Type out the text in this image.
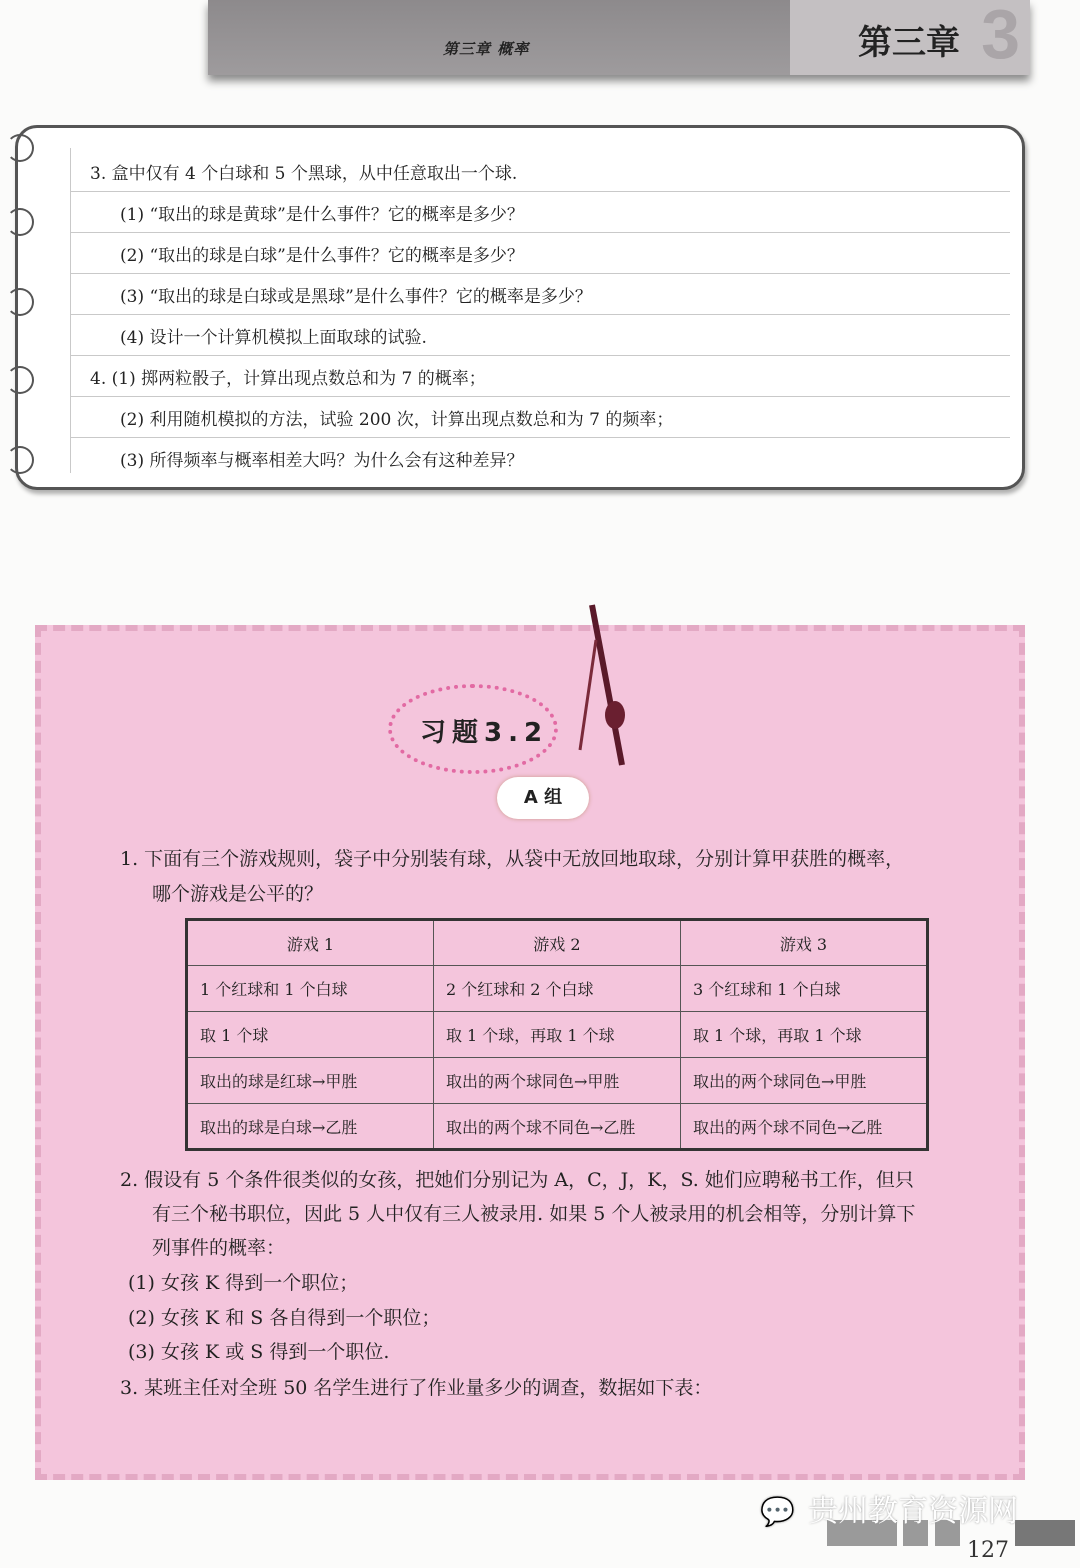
3
第三章
第三章 概率
3. 盒中仅有 4 个白球和 5 个黑球，从中任意取出一个球.
(1) “取出的球是黄球”是什么事件？它的概率是多少？
(2) “取出的球是白球”是什么事件？它的概率是多少？
(3) “取出的球是白球或是黑球”是什么事件？它的概率是多少？
(4) 设计一个计算机模拟上面取球的试验.
4. (1) 掷两粒骰子，计算出现点数总和为 7 的概率；
(2) 利用随机模拟的方法，试验 200 次，计算出现点数总和为 7 的频率；
(3) 所得频率与概率相差大吗？为什么会有这种差异？
习题3.2
A 组
1. 下面有三个游戏规则，袋子中分别装有球，从袋中无放回地取球，分别计算甲获胜的概率，
哪个游戏是公平的？
游戏 1	游戏 2	游戏 3
1 个红球和 1 个白球	2 个红球和 2 个白球	3 个红球和 1 个白球
取 1 个球	取 1 个球，再取 1 个球	取 1 个球，再取 1 个球
取出的球是红球→甲胜	取出的两个球同色→甲胜	取出的两个球同色→甲胜
取出的球是白球→乙胜	取出的两个球不同色→乙胜	取出的两个球不同色→乙胜
2. 假设有 5 个条件很类似的女孩，把她们分别记为 A，C，J，K，S. 她们应聘秘书工作，但只
有三个秘书职位，因此 5 人中仅有三人被录用. 如果 5 个人被录用的机会相等，分别计算下
列事件的概率：
(1) 女孩 K 得到一个职位；
(2) 女孩 K 和 S 各自得到一个职位；
(3) 女孩 K 或 S 得到一个职位.
3. 某班主任对全班 50 名学生进行了作业量多少的调查，数据如下表：
💬 贵州教育资源网
127
